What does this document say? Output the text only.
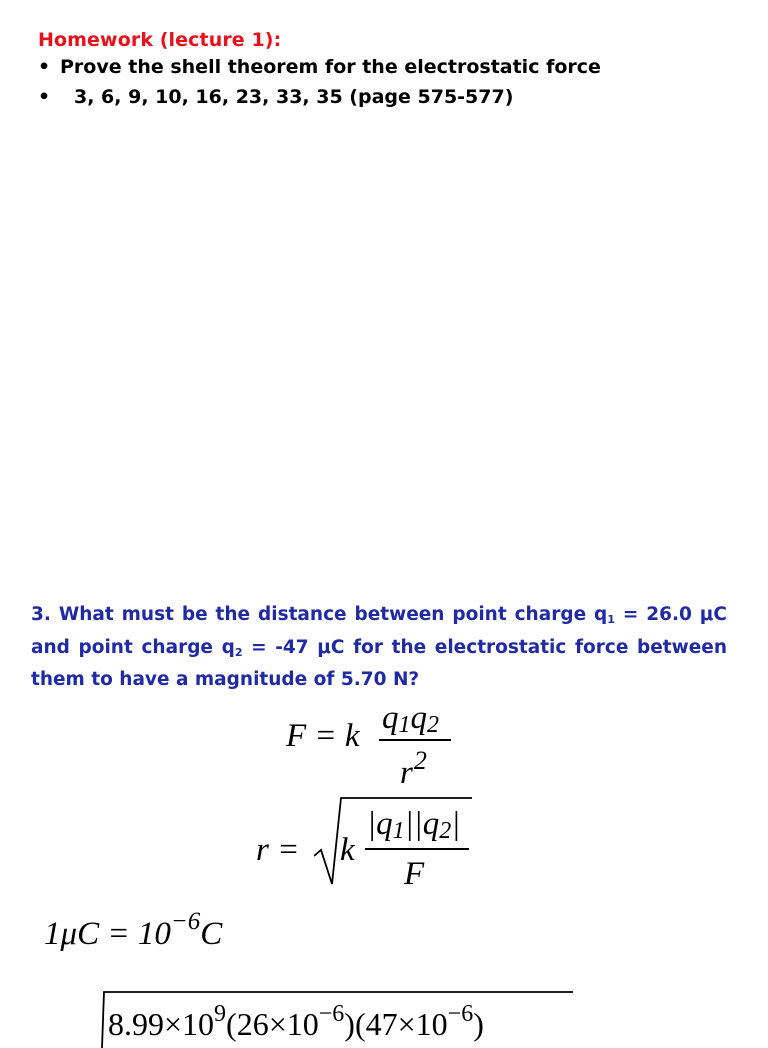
Homework (lecture 1):
• Prove the shell theorem for the electrostatic force
• 3, 6, 9, 10, 16, 23, 33, 35 (page 575-577)
3. What must be the distance between point charge $q_1 = 26.0$ μC and point charge $q_2 = -47$ μC for the electrostatic force between them to have a magnitude of 5.70 N?
F = k $q_1q_2$
$r^2$
r = k
$|q_1||q_2|$
F
$1\mu C = 10^{-6}C$
$8.99\times 10^9(26\times 10^{-6})(47\times 10^{-6})$
